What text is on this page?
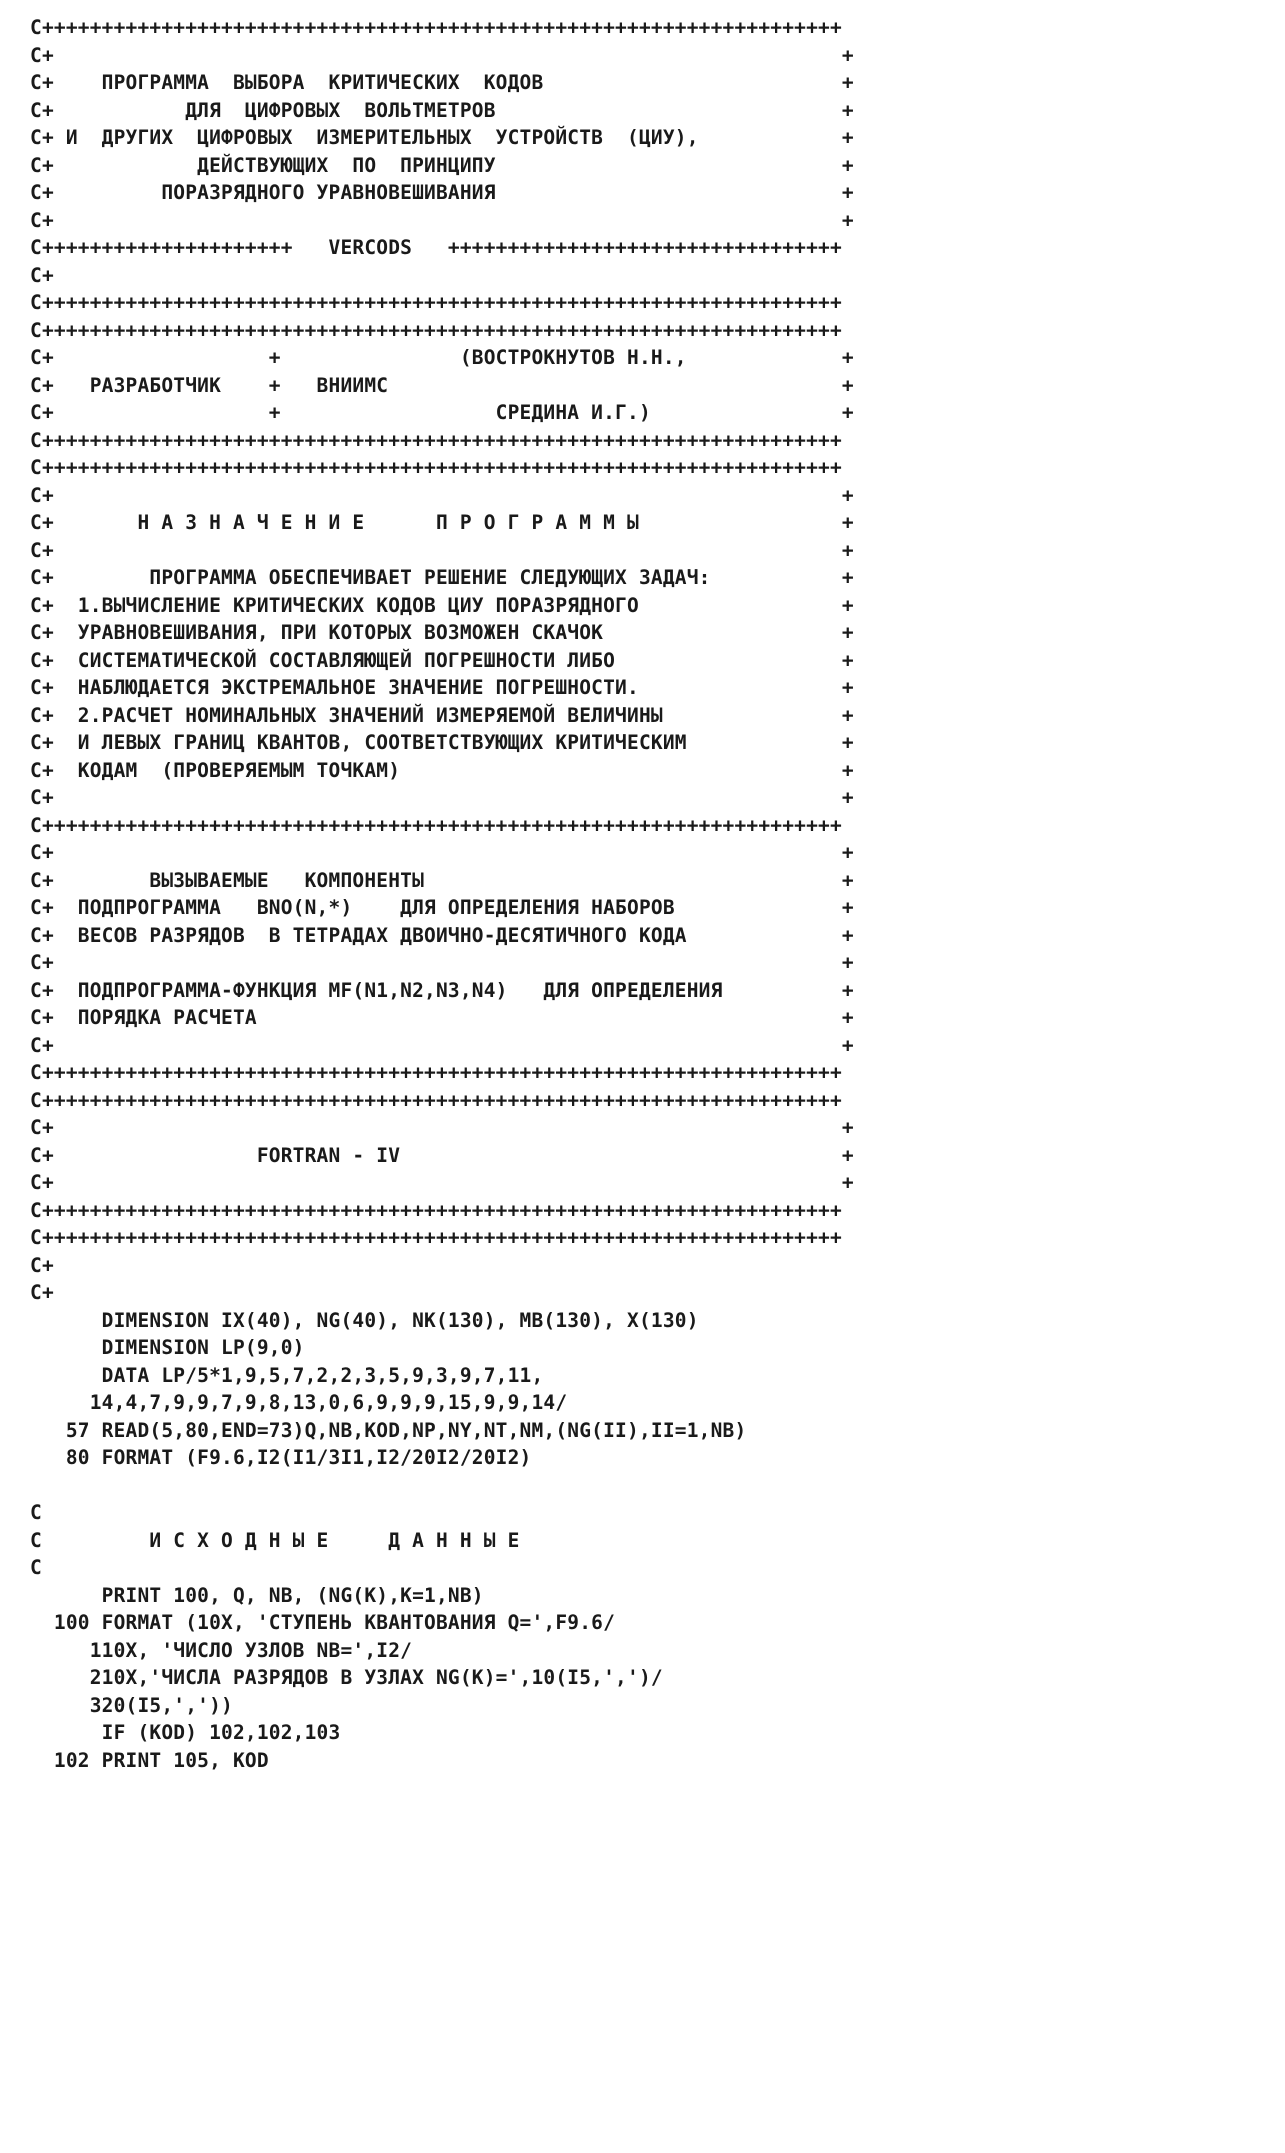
C+++++++++++++++++++++++++++++++++++++++++++++++++++++++++++++++++++
C+                                                                  +
C+    ПРОГРАММА  ВЫБОРА  КРИТИЧЕСКИХ  КОДОВ                         +
C+           ДЛЯ  ЦИФРОВЫХ  ВОЛЬТМЕТРОВ                             +
C+ И  ДРУГИХ  ЦИФРОВЫХ  ИЗМЕРИТЕЛЬНЫХ  УСТРОЙСТВ  (ЦИУ),            +
C+            ДЕЙСТВУЮЩИХ  ПО  ПРИНЦИПУ                             +
C+         ПОРАЗРЯДНОГО УРАВНОВЕШИВАНИЯ                             +
C+                                                                  +
C+++++++++++++++++++++   VERCODS   +++++++++++++++++++++++++++++++++
C+
C+++++++++++++++++++++++++++++++++++++++++++++++++++++++++++++++++++
C+++++++++++++++++++++++++++++++++++++++++++++++++++++++++++++++++++
C+                  +               (ВОСТРОКНУТОВ Н.Н.,             +
C+   РАЗРАБОТЧИК    +   ВНИИМС                                      +
C+                  +                  СРЕДИНА И.Г.)                +
C+++++++++++++++++++++++++++++++++++++++++++++++++++++++++++++++++++
C+++++++++++++++++++++++++++++++++++++++++++++++++++++++++++++++++++
C+                                                                  +
C+       Н А З Н А Ч Е Н И Е      П Р О Г Р А М М Ы                 +
C+                                                                  +
C+        ПРОГРАММА ОБЕСПЕЧИВАЕТ РЕШЕНИЕ СЛЕДУЮЩИХ ЗАДАЧ:           +
C+  1.ВЫЧИСЛЕНИЕ КРИТИЧЕСКИХ КОДОВ ЦИУ ПОРАЗРЯДНОГО                 +
C+  УРАВНОВЕШИВАНИЯ, ПРИ КОТОРЫХ ВОЗМОЖЕН СКАЧОК                    +
C+  СИСТЕМАТИЧЕСКОЙ СОСТАВЛЯЮЩЕЙ ПОГРЕШНОСТИ ЛИБО                   +
C+  НАБЛЮДАЕТСЯ ЭКСТРЕМАЛЬНОЕ ЗНАЧЕНИЕ ПОГРЕШНОСТИ.                 +
C+  2.РАСЧЕТ НОМИНАЛЬНЫХ ЗНАЧЕНИЙ ИЗМЕРЯЕМОЙ ВЕЛИЧИНЫ               +
C+  И ЛЕВЫХ ГРАНИЦ КВАНТОВ, СООТВЕТСТВУЮЩИХ КРИТИЧЕСКИМ             +
C+  КОДАМ  (ПРОВЕРЯЕМЫМ ТОЧКАМ)                                     +
C+                                                                  +
C+++++++++++++++++++++++++++++++++++++++++++++++++++++++++++++++++++
C+                                                                  +
C+        ВЫЗЫВАЕМЫЕ   КОМПОНЕНТЫ                                   +
C+  ПОДПРОГРАММА   BNO(N,*)    ДЛЯ ОПРЕДЕЛЕНИЯ НАБОРОВ              +
C+  ВЕСОВ РАЗРЯДОВ  В ТЕТРАДАХ ДВОИЧНО-ДЕСЯТИЧНОГО КОДА             +
C+                                                                  +
C+  ПОДПРОГРАММА-ФУНКЦИЯ MF(N1,N2,N3,N4)   ДЛЯ ОПРЕДЕЛЕНИЯ          +
C+  ПОРЯДКА РАСЧЕТА                                                 +
C+                                                                  +
C+++++++++++++++++++++++++++++++++++++++++++++++++++++++++++++++++++
C+++++++++++++++++++++++++++++++++++++++++++++++++++++++++++++++++++
C+                                                                  +
C+                 FORTRAN - IV                                     +
C+                                                                  +
C+++++++++++++++++++++++++++++++++++++++++++++++++++++++++++++++++++
C+++++++++++++++++++++++++++++++++++++++++++++++++++++++++++++++++++
C+
C+
DIMENSION IX(40), NG(40), NK(130), MB(130), X(130)
DIMENSION LP(9,0)
DATA LP/5*1,9,5,7,2,2,3,5,9,3,9,7,11,
14,4,7,9,9,7,9,8,13,0,6,9,9,9,15,9,9,14/
57 READ(5,80,END=73)Q,NB,KOD,NP,NY,NT,NM,(NG(II),II=1,NB)
80 FORMAT (F9.6,I2(I1/3I1,I2/20I2/20I2)
C
C         И С Х О Д Н Ы Е     Д А Н Н Ы Е
C
PRINT 100, Q, NB, (NG(K),K=1,NB)
100 FORMAT (10X, 'СТУПЕНЬ КВАНТОВАНИЯ Q=',F9.6/
110X, 'ЧИСЛО УЗЛОВ NB=',I2/
210X,'ЧИСЛА РАЗРЯДОВ В УЗЛАХ NG(K)=',10(I5,',')/
320(I5,','))
IF (KOD) 102,102,103
102 PRINT 105, KOD
